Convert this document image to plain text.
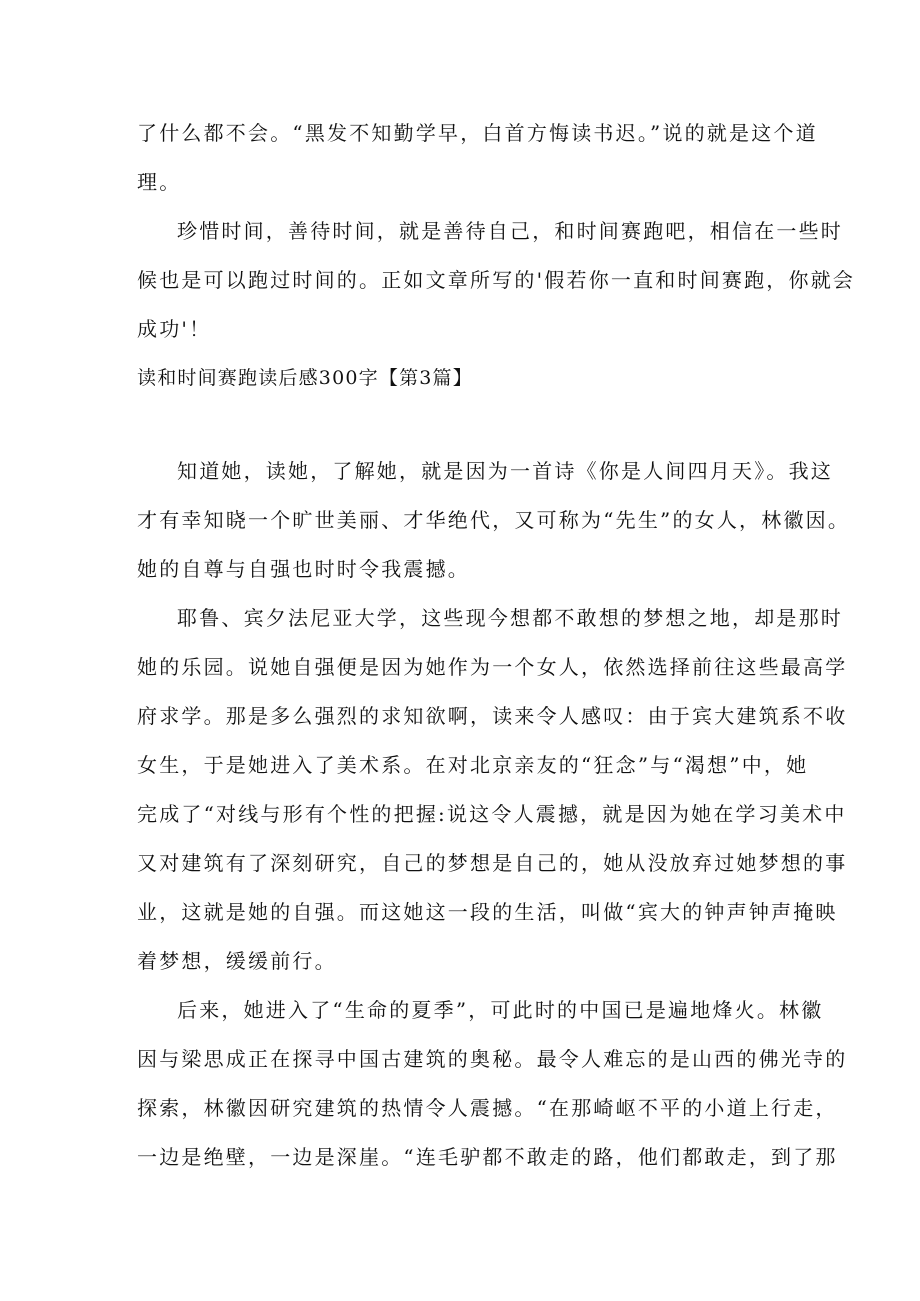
了什么都不会。“黑发不知勤学早，白首方悔读书迟。”说的就是这个道
理。
珍惜时间，善待时间，就是善待自己，和时间赛跑吧，相信在一些时
候也是可以跑过时间的。正如文章所写的'假若你一直和时间赛跑，你就会
成功'！
读和时间赛跑读后感300字【第3篇】
知道她，读她，了解她，就是因为一首诗《你是人间四月天》。我这
才有幸知晓一个旷世美丽、才华绝代，又可称为“先生”的女人，林徽因。
她的自尊与自强也时时令我震撼。
耶鲁、宾夕法尼亚大学，这些现今想都不敢想的梦想之地，却是那时
她的乐园。说她自强便是因为她作为一个女人，依然选择前往这些最高学
府求学。那是多么强烈的求知欲啊，读来令人感叹：由于宾大建筑系不收
女生，于是她进入了美术系。在对北京亲友的“狂念”与“渴想”中，她
完成了“对线与形有个性的把握:说这令人震撼，就是因为她在学习美术中
又对建筑有了深刻研究，自己的梦想是自己的，她从没放弃过她梦想的事
业，这就是她的自强。而这她这一段的生活，叫做“宾大的钟声钟声掩映
着梦想，缓缓前行。
后来，她进入了“生命的夏季”，可此时的中国已是遍地烽火。林徽
因与梁思成正在探寻中国古建筑的奥秘。最令人难忘的是山西的佛光寺的
探索，林徽因研究建筑的热情令人震撼。“在那崎岖不平的小道上行走，
一边是绝壁，一边是深崖。“连毛驴都不敢走的路，他们都敢走，到了那
